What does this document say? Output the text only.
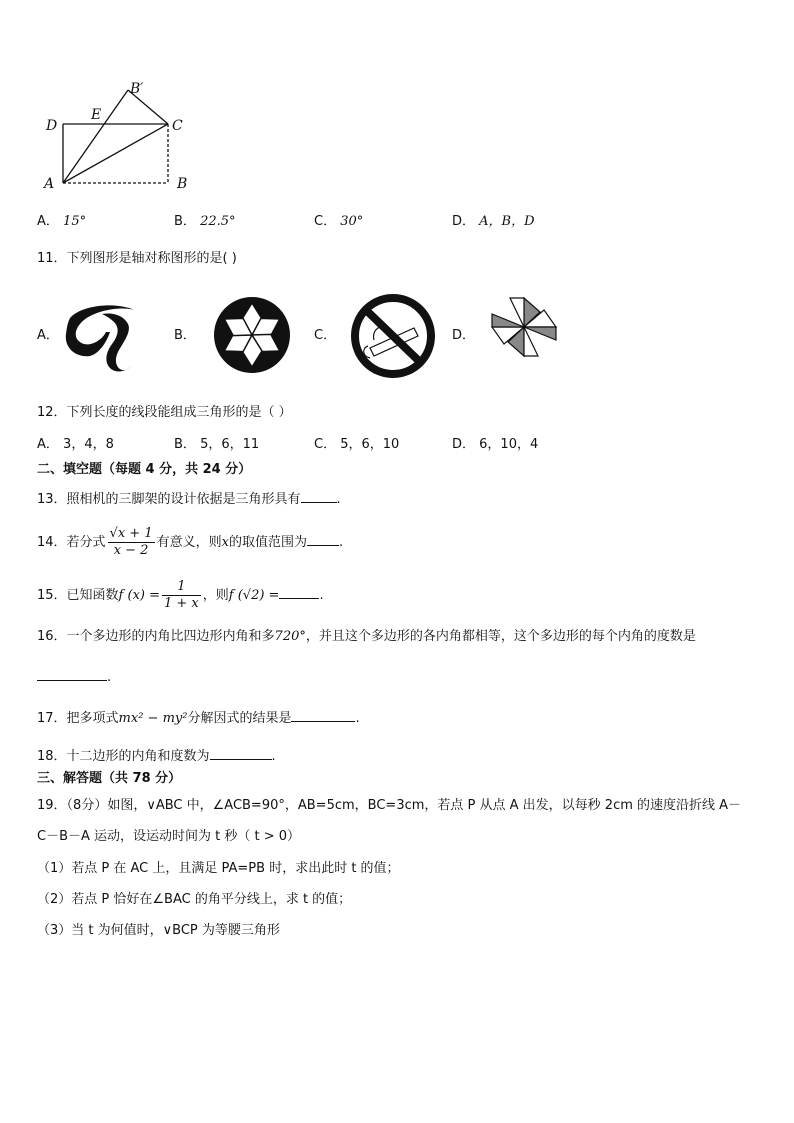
B′
E
D	C
A	B
A． 15°	B． 22.5°	C． 30°	D． A，B，D
11．下列图形是轴对称图形的是( )
A．	B．	C．	D．
12．下列长度的线段能组成三角形的是（ ）
A． 3，4，8	B． 5，6，11	C． 5，6，10	D． 6，10，4
二、填空题（每题 4 分，共 24 分）
13．照相机的三脚架的设计依据是三角形具有	.
14．若分式 $\frac{√x + 1}{x - 2}$ 有意义，则x的取值范围为 .
15．已知函数f $(x) = \frac{1}{1 + x}$ ，则f (√2) =	.
16．一个多边形的内角比四边形内角和多720°，并且这个多边形的各内角都相等，这个多边形的每个内角的度数是
.
17．把多项式mx² − my²分解因式的结果是	.
18．十二边形的内角和度数为	.
三、解答题（共 78 分）
19．（8分）如图，∨ABC 中，∠ACB=90°，AB=5cm，BC=3cm，若点 P 从点 A 出发，以每秒 2cm 的速度沿折线 A－
C－B－A 运动，设运动时间为 t 秒（ t > 0）
（1）若点 P 在 AC 上，且满足 PA=PB 时，求出此时 t 的值；
（2）若点 P 恰好在∠BAC 的角平分线上，求 t 的值；
（3）当 t 为何值时，∨BCP 为等腰三角形
